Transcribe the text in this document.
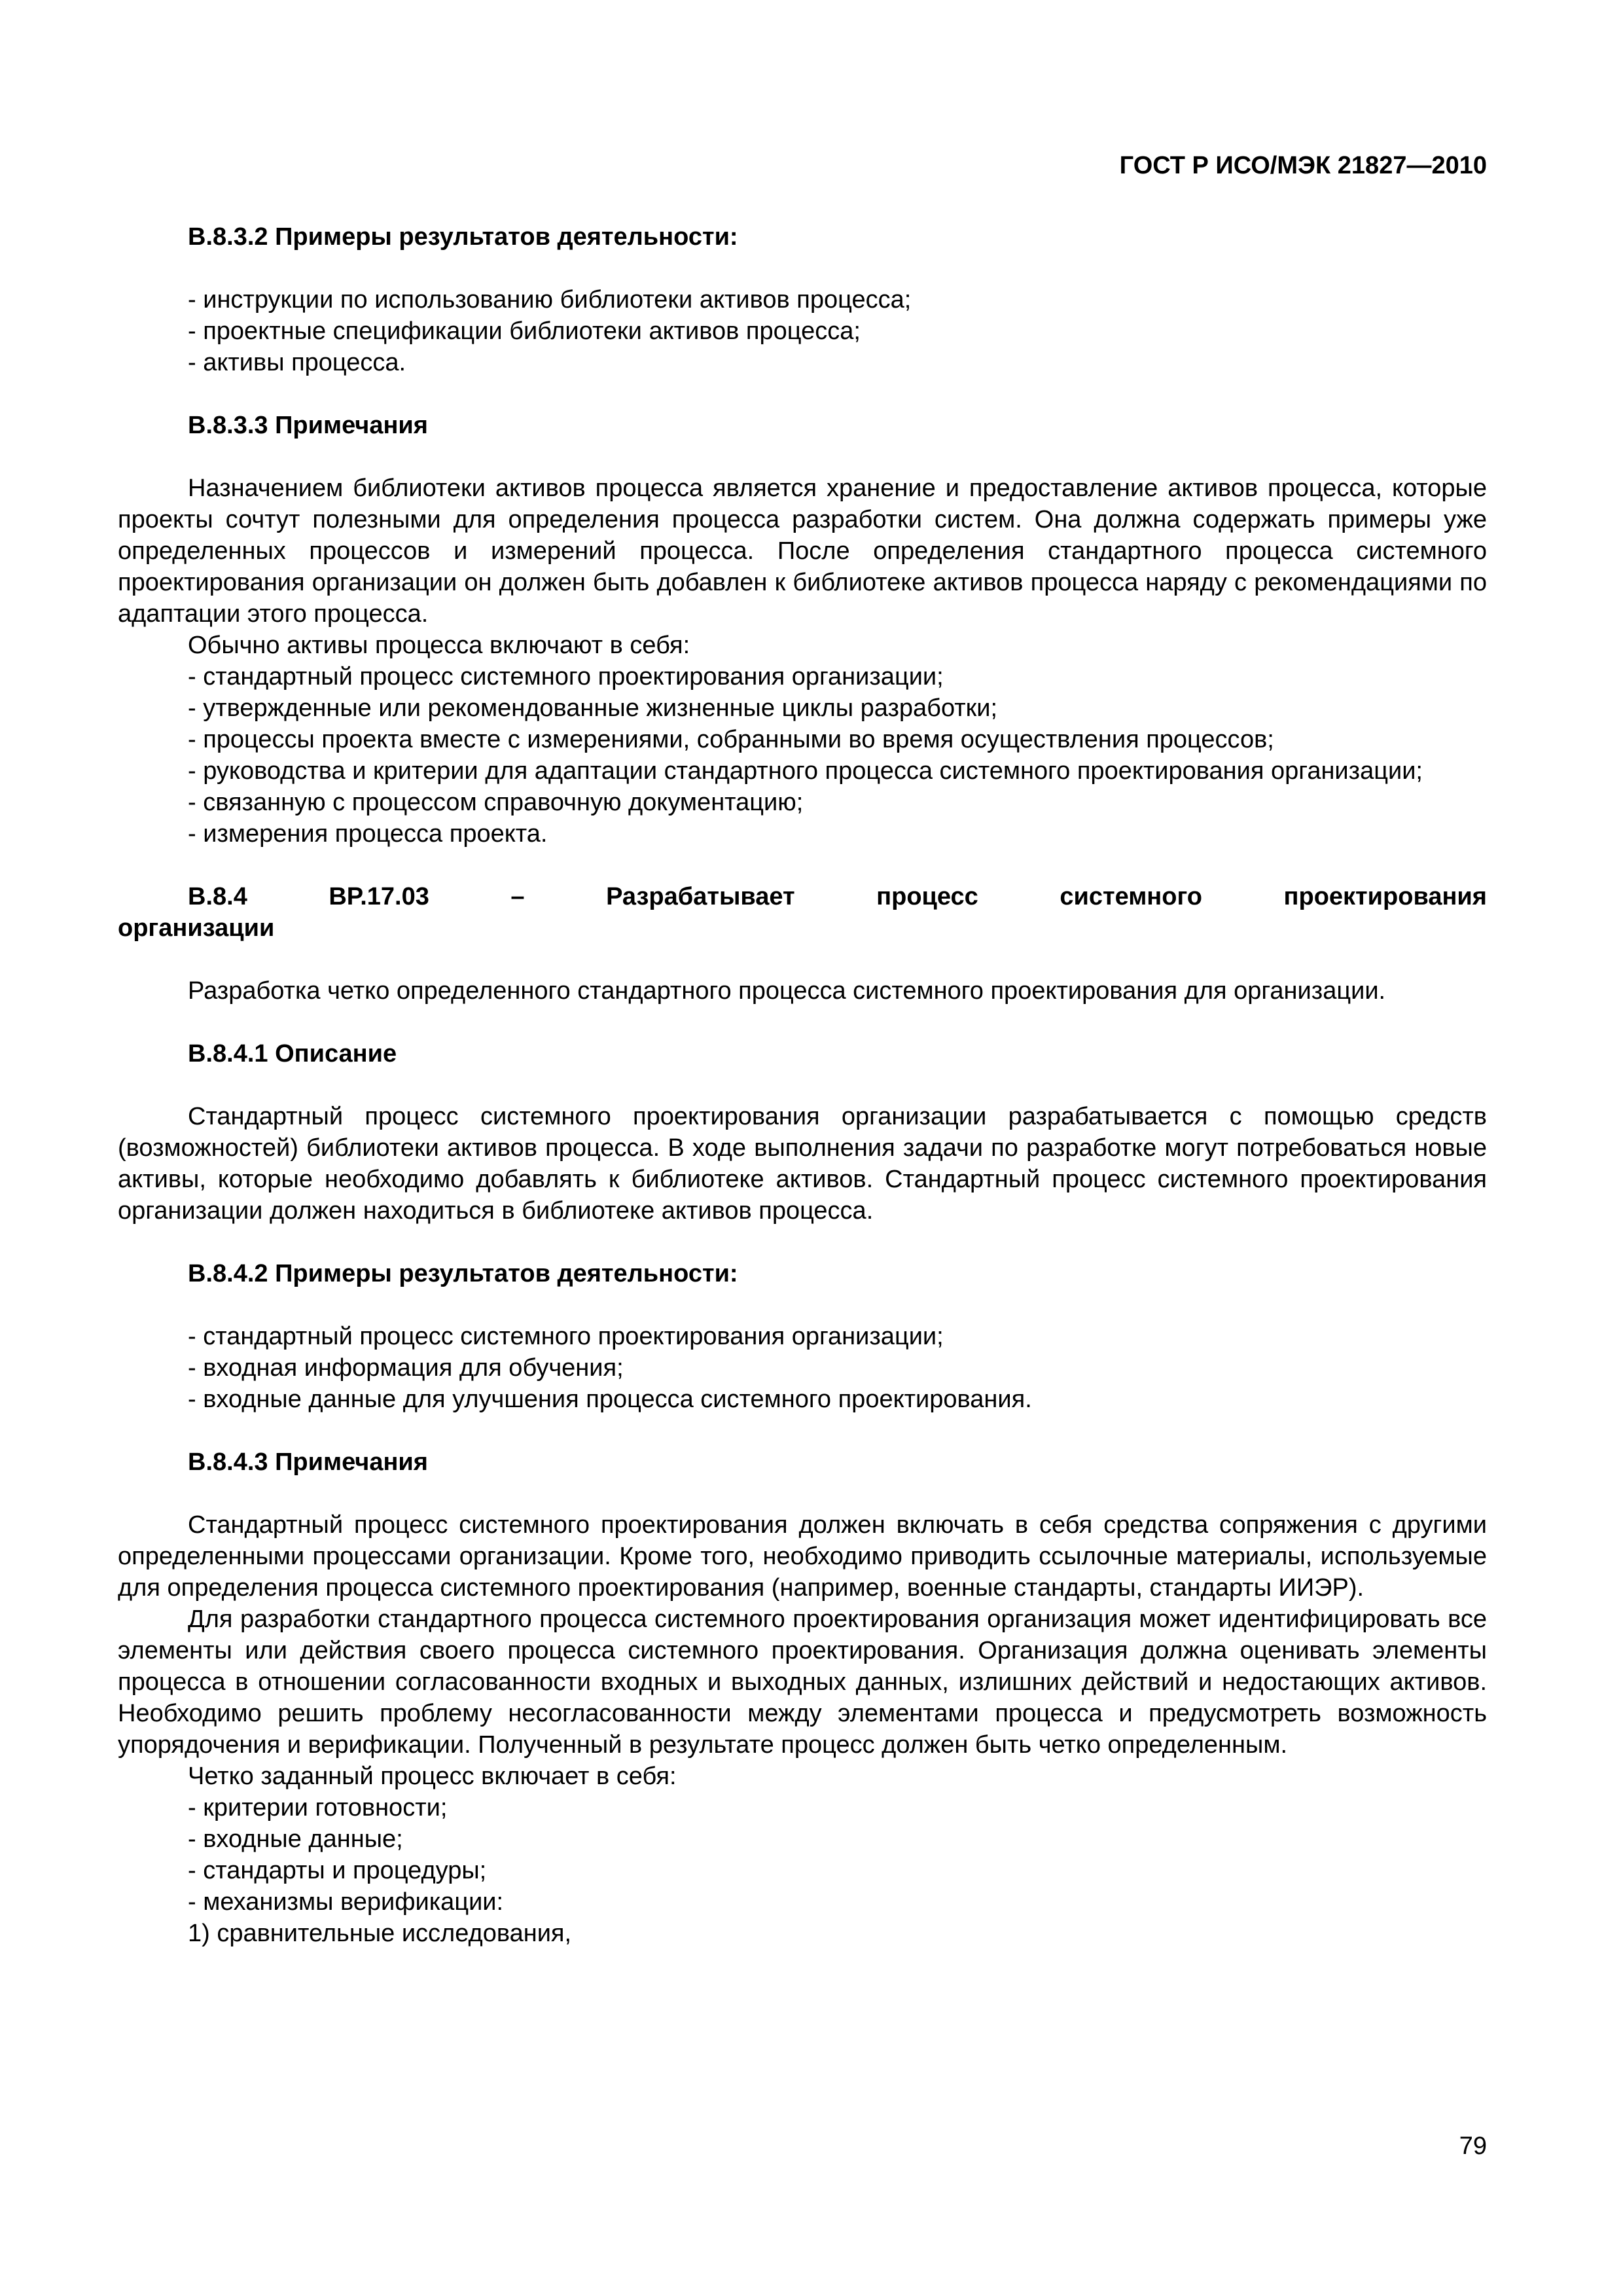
ГОСТ Р ИСО/МЭК 21827—2010

В.8.3.2 Примеры результатов деятельности:

- инструкции по использованию библиотеки активов процесса;

- проектные спецификации библиотеки активов процесса;

- активы процесса.

В.8.3.3 Примечания

Назначением библиотеки активов процесса является хранение и предоставление активов процесса, которые проекты сочтут полезными для определения процесса разработки систем. Она должна содержать примеры уже определенных процессов и измерений процесса. После определения стандартного процесса системного проектирования организации он должен быть добавлен к библиотеке активов процесса наряду с рекомендациями по адаптации этого процесса.

Обычно активы процесса включают в себя:

- стандартный процесс системного проектирования организации;

- утвержденные или рекомендованные жизненные циклы разработки;

- процессы проекта вместе с измерениями, собранными во время осуществления процессов;

- руководства и критерии для адаптации стандартного процесса системного проектирования организации;

- связанную с процессом справочную документацию;

- измерения процесса проекта.

В.8.4	BP.17.03	–	Разрабатывает	процесс	системного	проектирования

организации

Разработка четко определенного стандартного процесса системного проектирования для организации.

В.8.4.1 Описание

Стандартный процесс системного проектирования организации разрабатывается с помощью средств (возможностей) библиотеки активов процесса. В ходе выполнения задачи по разработке могут потребоваться новые активы, которые необходимо добавлять к библиотеке активов. Стандартный процесс системного проектирования организации должен находиться в библиотеке активов процесса.

В.8.4.2 Примеры результатов деятельности:

- стандартный процесс системного проектирования организации;

- входная информация для обучения;

- входные данные для улучшения процесса системного проектирования.

В.8.4.3 Примечания

Стандартный процесс системного проектирования должен включать в себя средства сопряжения с другими определенными процессами организации. Кроме того, необходимо приводить ссылочные материалы, используемые для определения процесса системного проектирования (например, военные стандарты, стандарты ИИЭР).

Для разработки стандартного процесса системного проектирования организация может идентифицировать все элементы или действия своего процесса системного проектирования. Организация должна оценивать элементы процесса в отношении согласованности входных и выходных данных, излишних действий и недостающих активов. Необходимо решить проблему несогласованности между элементами процесса и предусмотреть возможность упорядочения и верификации. Полученный в результате процесс должен быть четко определенным.

Четко заданный процесс включает в себя:

- критерии готовности;

- входные данные;

- стандарты и процедуры;

- механизмы верификации:

1) сравнительные исследования,

79
